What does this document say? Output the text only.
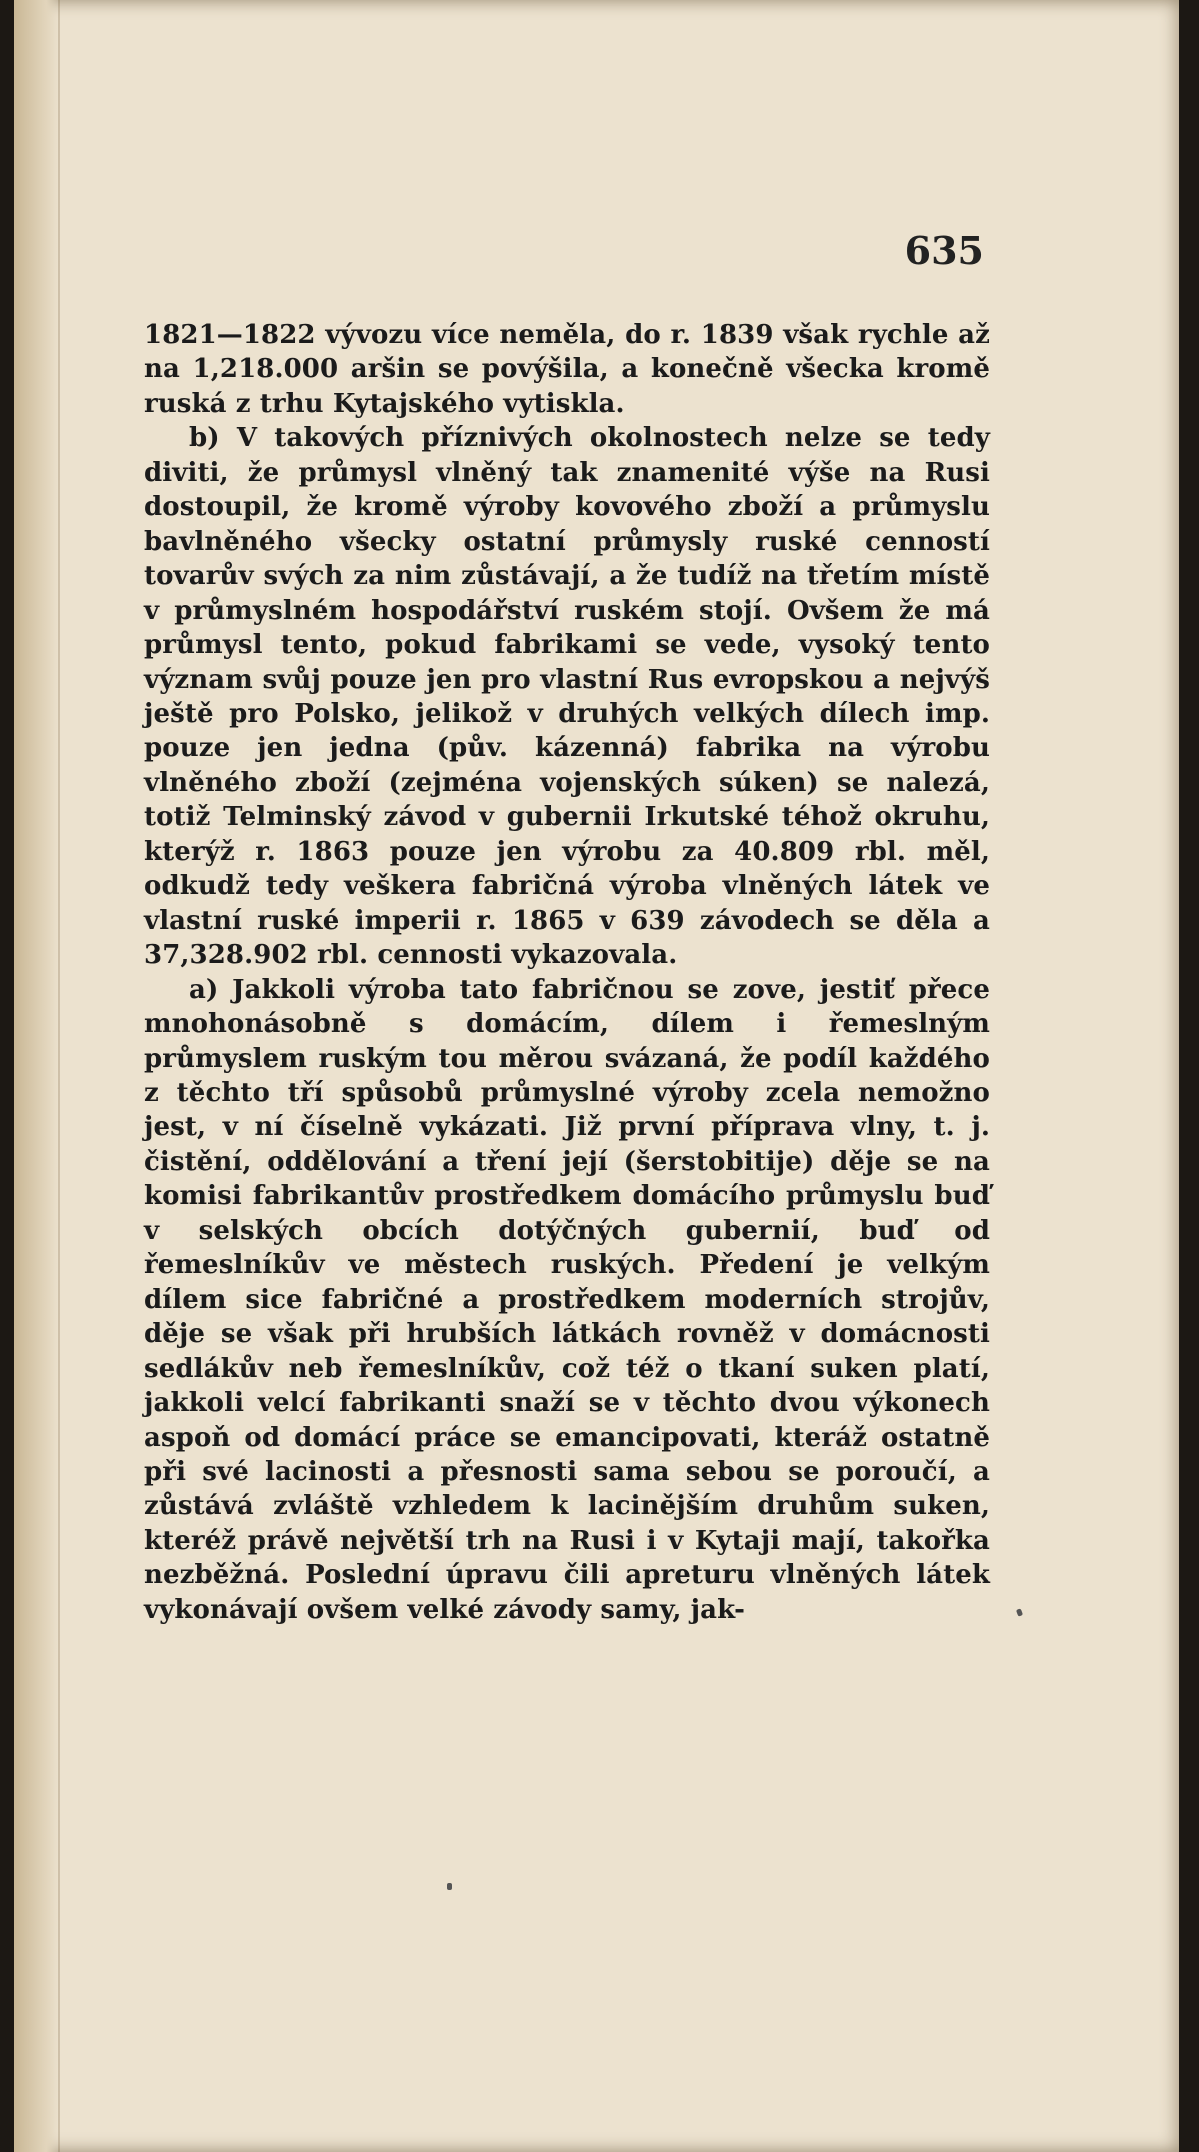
635

1821—1822 vývozu více neměla, do r. 1839 však rychle až na 1,218.000 aršin se povýšila, a konečně všecka kromě ruská z trhu Kytajského vytiskla.

b) V takových příznivých okolnostech nelze se tedy diviti, že průmysl vlněný tak znamenité výše na Rusi dostoupil, že kromě výroby kovového zboží a průmyslu bavlněného všecky ostatní průmysly ruské cenností tovarův svých za nim zůstávají, a že tudíž na třetím místě v průmyslném hospodářství ruském stojí. Ovšem že má průmysl tento, pokud fabrikami se vede, vysoký tento význam svůj pouze jen pro vlastní Rus evropskou a nejvýš ještě pro Polsko, jelikož v druhých velkých dílech imp. pouze jen jedna (pův. kázenná) fabrika na výrobu vlněného zboží (zejména vojenských súken) se nalezá, totiž Telminský závod v gubernii Irkutské téhož okruhu, kterýž r. 1863 pouze jen výrobu za 40.809 rbl. měl, odkudž tedy veškera fabričná výroba vlněných látek ve vlastní ruské imperii r. 1865 v 639 závodech se děla a 37,328.902 rbl. cennosti vykazovala.

a) Jakkoli výroba tato fabričnou se zove, jestiť přece mnohonásobně s domácím, dílem i řemeslným průmyslem ruským tou měrou svázaná, že podíl každého z těchto tří spůsobů průmyslné výroby zcela nemožno jest, v ní číselně vykázati. Již první příprava vlny, t. j. čistění, oddělování a tření její (šerstobitije) děje se na komisi fabrikantův prostředkem domácího průmyslu buď v selských obcích dotýčných gubernií, buď od řemeslníkův ve městech ruských. Předení je velkým dílem sice fabričné a prostředkem moderních strojův, děje se však při hrubších látkách rovněž v domácnosti sedlákův neb řemeslníkův, což též o tkaní suken platí, jakkoli velcí fabrikanti snaží se v těchto dvou výkonech aspoň od domácí práce se emancipovati, kteráž ostatně při své lacinosti a přesnosti sama sebou se poroučí, a zůstává zvláště vzhledem k lacinějším druhům suken, kteréž právě největší trh na Rusi i v Kytaji mají, takořka nezběžná. Poslední úpravu čili apreturu vlněných látek vykonávají ovšem velké závody samy, jak-
